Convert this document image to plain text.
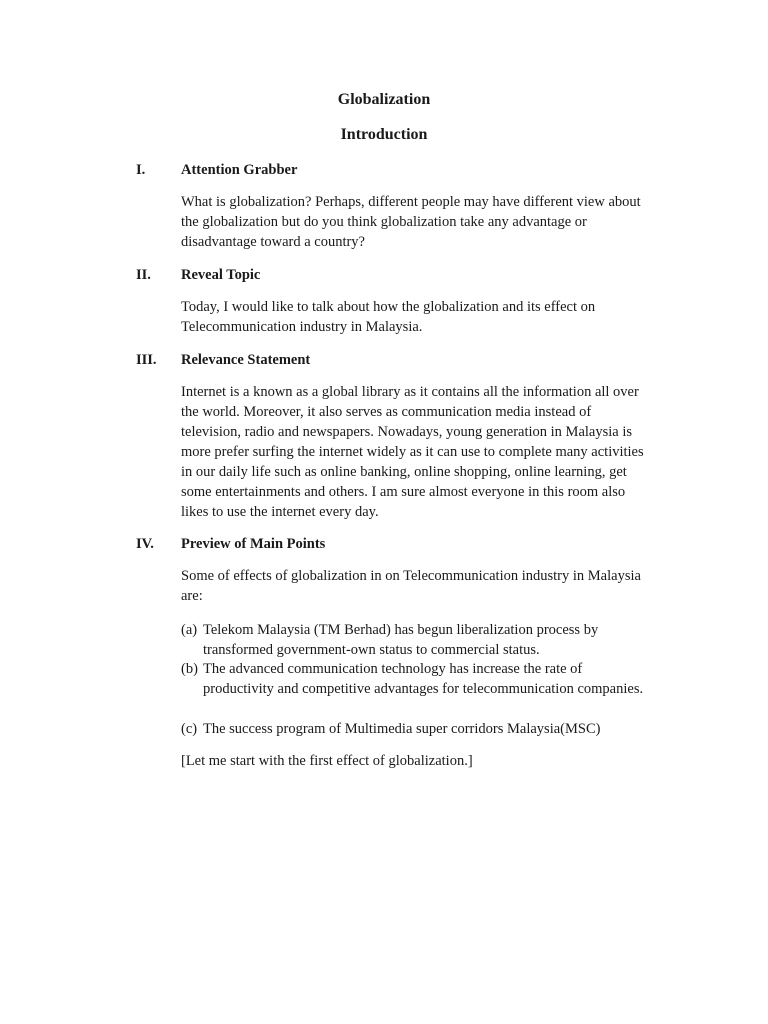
Globalization
Introduction

I. Attention Grabber

What is globalization? Perhaps, different people may have different view about the globalization but do you think globalization take any advantage or disadvantage toward a country?

II. Reveal Topic

Today, I would like to talk about how the globalization and its effect on Telecommunication industry in Malaysia.

III. Relevance Statement

Internet is a known as a global library as it contains all the information all over the world. Moreover, it also serves as communication media instead of television, radio and newspapers. Nowadays, young generation in Malaysia is more prefer surfing the internet widely as it can use to complete many activities in our daily life such as online banking, online shopping, online learning, get some entertainments and others. I am sure almost everyone in this room also likes to use the internet every day.

IV. Preview of Main Points

Some of effects of globalization in on Telecommunication industry in Malaysia are:

(a) Telekom Malaysia (TM Berhad) has begun liberalization process by transformed government-own status to commercial status.
(b) The advanced communication technology has increase the rate of productivity and competitive advantages for telecommunication companies.
(c) The success program of Multimedia super corridors Malaysia(MSC)

[Let me start with the first effect of globalization.]
